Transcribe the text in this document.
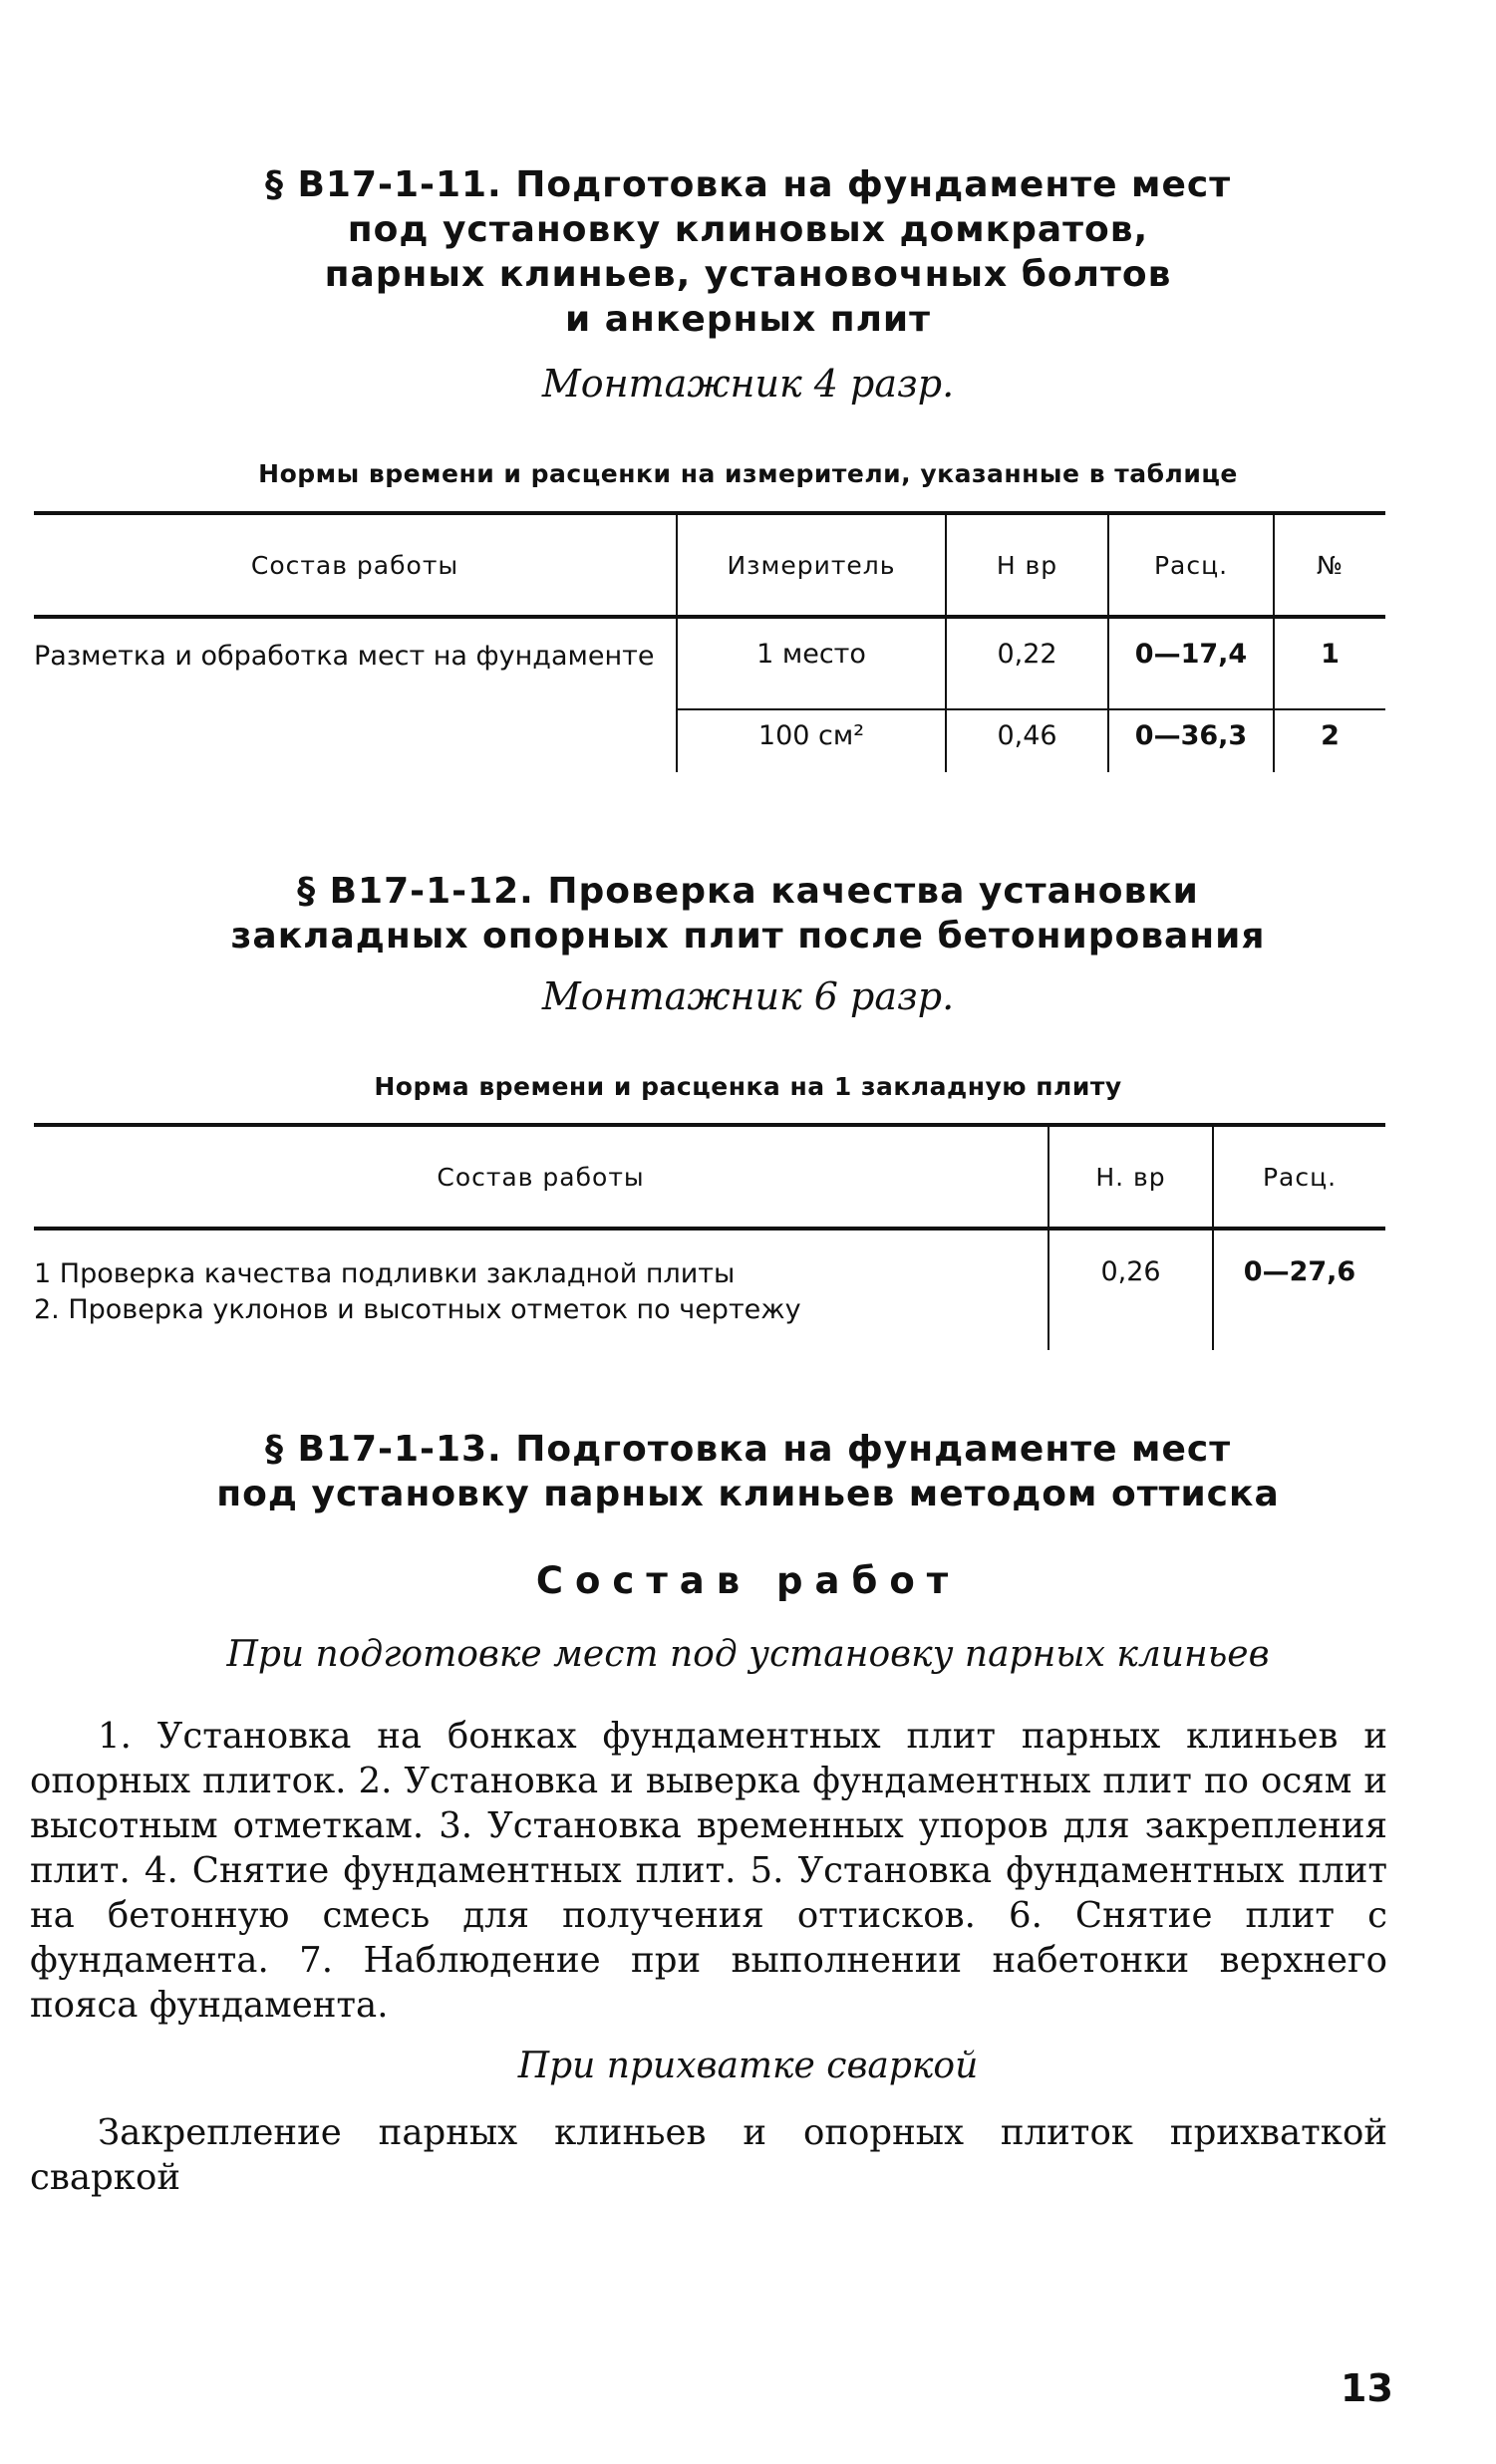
§ В17-1-11. Подготовка на фундаменте мест
под установку клиновых домкратов,
парных клиньев, установочных болтов
и анкерных плит
Монтажник 4 разр.
Нормы времени и расценки на измерители, указанные в таблице
Состав работы	Измеритель	Н вр	Расц.	№
Разметка и обработка мест на фундаменте	1 место	0,22	0—17,4	1
	100 см²	0,46	0—36,3	2
§ В17-1-12. Проверка качества установки
закладных опорных плит после бетонирования
Монтажник 6 разр.
Норма времени и расценка на 1 закладную плиту
Состав работы	Н. вр	Расц.

1 Проверка качества подливки закладной плиты
2. Проверка уклонов и высотных отметок по чертежу	0,26	0—27,6
§ В17-1-13. Подготовка на фундаменте мест
под установку парных клиньев методом оттиска
Состав работ
При подготовке мест под установку парных клиньев

1. Установка на бонках фундаментных плит парных клиньев и опорных плиток. 2. Установка и выверка фундаментных плит по осям и высотным отметкам. 3. Установка временных упоров для закрепления плит. 4. Снятие фундаментных плит. 5. Установка фундаментных плит на бетонную смесь для получения оттисков. 6. Снятие плит с фундамента. 7. Наблюдение при выполнении набетонки верхнего пояса фундамента.

При прихватке сваркой

Закрепление парных клиньев и опорных плиток прихваткой сваркой

13
